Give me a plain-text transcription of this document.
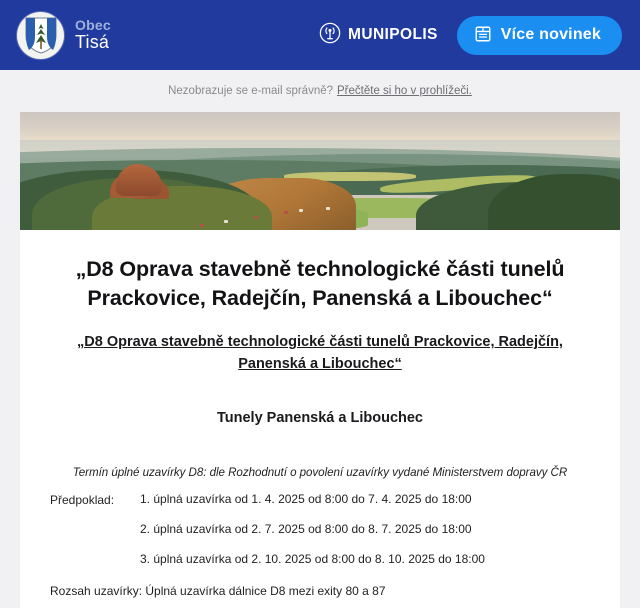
Obec
Tisá	MUNIPOLIS	Více novinek
Nezobrazuje se e-mail správně? Přečtěte si ho v prohlížeči.
„D8 Oprava stavebně technologické části tunelů Prackovice, Radejčín, Panenská a Libouchec“
„D8 Oprava stavebně technologické části tunelů Prackovice, Radejčín, Panenská a Libouchec“
Tunely Panenská a Libouchec
Termín úplné uzavírky D8: dle Rozhodnutí o povolení uzavírky vydané Ministerstvem dopravy ČR
Předpoklad:	1. úplná uzavírka od 1. 4. 2025 od 8:00 do 7. 4. 2025 do 18:00
2. úplná uzavírka od 2. 7. 2025 od 8:00 do 8. 7. 2025 do 18:00
3. úplná uzavírka od 2. 10. 2025 od 8:00 do 8. 10. 2025 do 18:00
Rozsah uzavírky: Úplná uzavírka dálnice D8 mezi exity 80 a 87
